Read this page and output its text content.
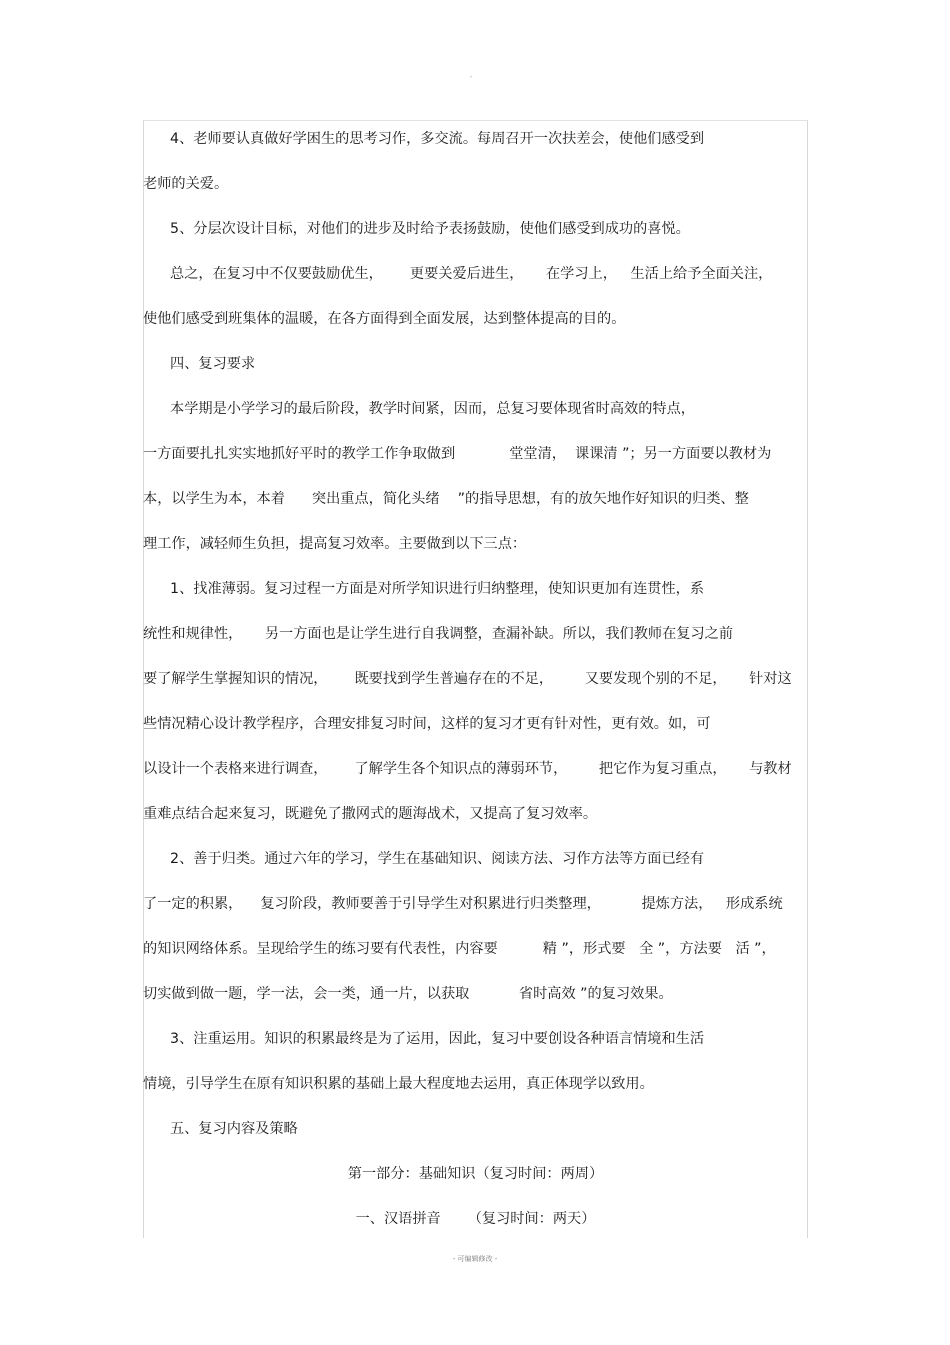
。
4、老师要认真做好学困生的思考习作，多交流。每周召开一次扶差会，使他们感受到
老师的关爱。
5、分层次设计目标，对他们的进步及时给予表扬鼓励，使他们感受到成功的喜悦。
总之，在复习中不仅要鼓励优生，      更要关爱后进生，     在学习上，   生活上给予全面关注，
使他们感受到班集体的温暖，在各方面得到全面发展，达到整体提高的目的。
四、复习要求
本学期是小学学习的最后阶段，教学时间紧，因而，总复习要体现省时高效的特点，
一方面要扎扎实实地抓好平时的教学工作争取做到            堂堂清，  课课清 ”；另一方面要以教材为
本，以学生为本，本着      突出重点，简化头绪    ”的指导思想，有的放矢地作好知识的归类、整
理工作，减轻师生负担，提高复习效率。主要做到以下三点：
1、找准薄弱。复习过程一方面是对所学知识进行归纳整理，使知识更加有连贯性，系
统性和规律性，     另一方面也是让学生进行自我调整，查漏补缺。所以，我们教师在复习之前
要了解学生掌握知识的情况，      既要找到学生普遍存在的不足，       又要发现个别的不足，     针对这
些情况精心设计教学程序，合理安排复习时间，这样的复习才更有针对性，更有效。如，可
以设计一个表格来进行调查，      了解学生各个知识点的薄弱环节，       把它作为复习重点，     与教材
重难点结合起来复习，既避免了撒网式的题海战术，又提高了复习效率。
2、善于归类。通过六年的学习，学生在基础知识、阅读方法、习作方法等方面已经有
了一定的积累，    复习阶段，教师要善于引导学生对积累进行归类整理，         提炼方法，   形成系统
的知识网络体系。呈现给学生的练习要有代表性，内容要          精 ”，形式要   全 ”，方法要   活 ”，
切实做到做一题，学一法，会一类，通一片，以获取           省时高效 ”的复习效果。
3、注重运用。知识的积累最终是为了运用，因此，复习中要创设各种语言情境和生活
情境，引导学生在原有知识积累的基础上最大程度地去运用，真正体现学以致用。
五、复习内容及策略
第一部分：基础知识（复习时间：两周）
一、汉语拼音      （复习时间：两天）
- 可编辑修改 -
